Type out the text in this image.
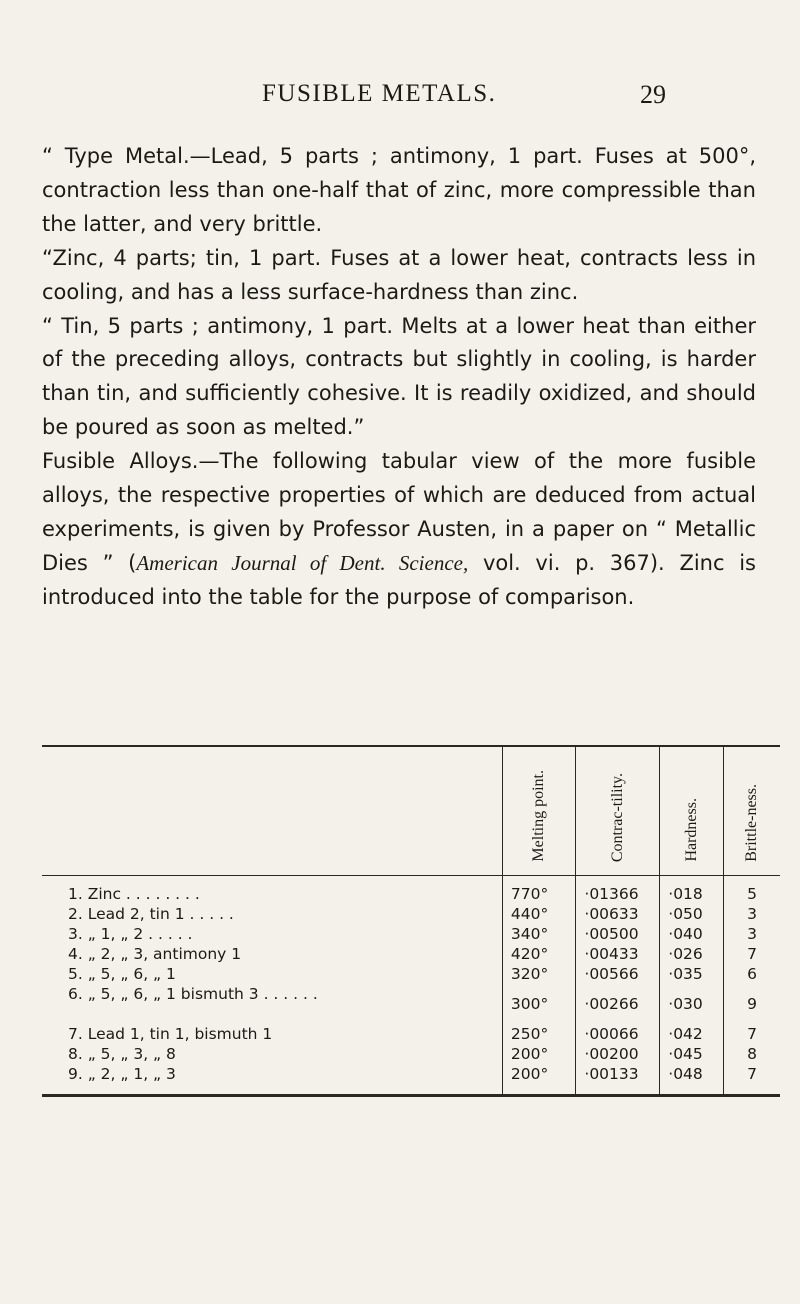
FUSIBLE METALS.	29

“ Type Metal.—Lead, 5 parts ; antimony, 1 part. Fuses at 500°, contraction less than one-half that of zinc, more compressible than the latter, and very brittle.

“Zinc, 4 parts; tin, 1 part. Fuses at a lower heat, contracts less in cooling, and has a less surface-hardness than zinc.

“ Tin, 5 parts ; antimony, 1 part. Melts at a lower heat than either of the preceding alloys, contracts but slightly in cooling, is harder than tin, and sufficiently cohesive. It is readily oxidized, and should be poured as soon as melted.”

Fusible Alloys.—The following tabular view of the more fusible alloys, the respective properties of which are deduced from actual experiments, is given by Professor Austen, in a paper on “ Metallic Dies ” (American Journal of Dent. Science, vol. vi. p. 367). Zinc is introduced into the table for the purpose of comparison.

	Melting point.	Contrac-tility.	Hardness.	Brittle-ness.
1. Zinc . . . . . . . .	770°	·01366	·018	5
2. Lead 2, tin 1 . . . . .	440°	·00633	·050	3
3. „ 1, „ 2 . . . . .	340°	·00500	·040	3
4. „ 2, „ 3, antimony 1	420°	·00433	·026	7
5. „ 5, „ 6, „ 1	320°	·00566	·035	6
6. „ 5, „ 6, „ 1 bismuth 3 . . . . . .	300°	·00266	·030	9
7. Lead 1, tin 1, bismuth 1	250°	·00066	·042	7
8. „ 5, „ 3, „ 8	200°	·00200	·045	8
9. „ 2, „ 1, „ 3	200°	·00133	·048	7
